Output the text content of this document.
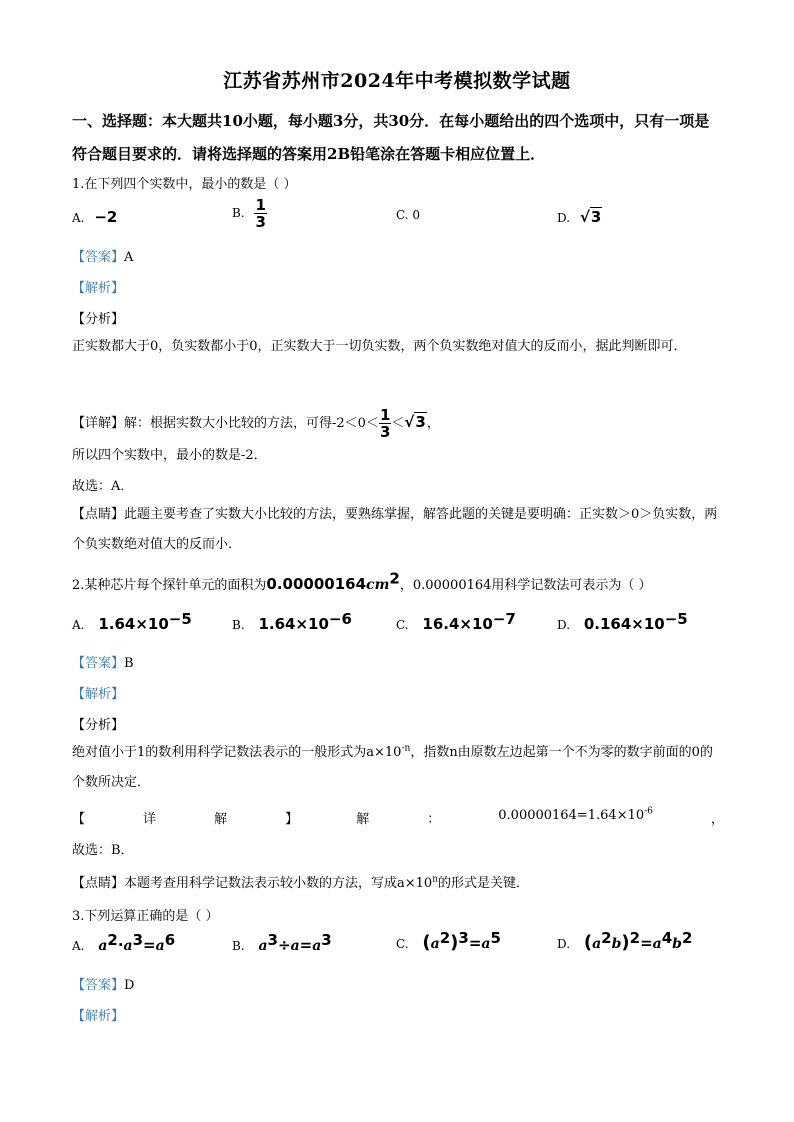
江苏省苏州市2024年中考模拟数学试题
一、选择题：本大题共10小题，每小题3分，共30分．在每小题给出的四个选项中，只有一项是符合题目要求的．请将选择题的答案用2B铅笔涂在答题卡相应位置上．
1.在下列四个实数中，最小的数是（ ）
A. −2	B. $\frac{1}{3}$	C. 0	D. √3
【答案】A
【解析】
【分析】
正实数都大于0，负实数都小于0，正实数大于一切负实数，两个负实数绝对值大的反而小，据此判断即可．
【详解】解：根据实数大小比较的方法，可得$-2<0< \frac{1}{3} <√3$，
所以四个实数中，最小的数是-2．
故选：A．
【点睛】此题主要考查了实数大小比较的方法，要熟练掌握，解答此题的关键是要明确：正实数＞0＞负实数，两个负实数绝对值大的反而小．
2.某种芯片每个探针单元的面积为$0.00000164cm^2$，0.00000164用科学记数法可表示为（ ）
A. $1.64\times 10^{-5}$	B. $1.64\times 10^{-6}$	C. $16.4\times 10^{-7}$	D. $0.164\times 10^{-5}$
【答案】B
【解析】
【分析】
绝对值小于1的数利用科学记数法表示的一般形式为$a\times 10^{-n}$，指数n由原数左边起第一个不为零的数字前面的0的个数所决定．
【	详	解	】	解	：	$0.00000164=1.64\times 10^{-6}$
，
故选：B．
【点睛】本题考查用科学记数法表示较小数的方法，写成$a\times 10^n$的形式是关键．
3.下列运算正确的是（ ）
A. $a^2\cdot a^3=a^6$	B. $a^3\div a=a^3$	C. $(a^2)^3=a^5$	D. $(a^2b)^2=a^4b^2$
【答案】D
【解析】
